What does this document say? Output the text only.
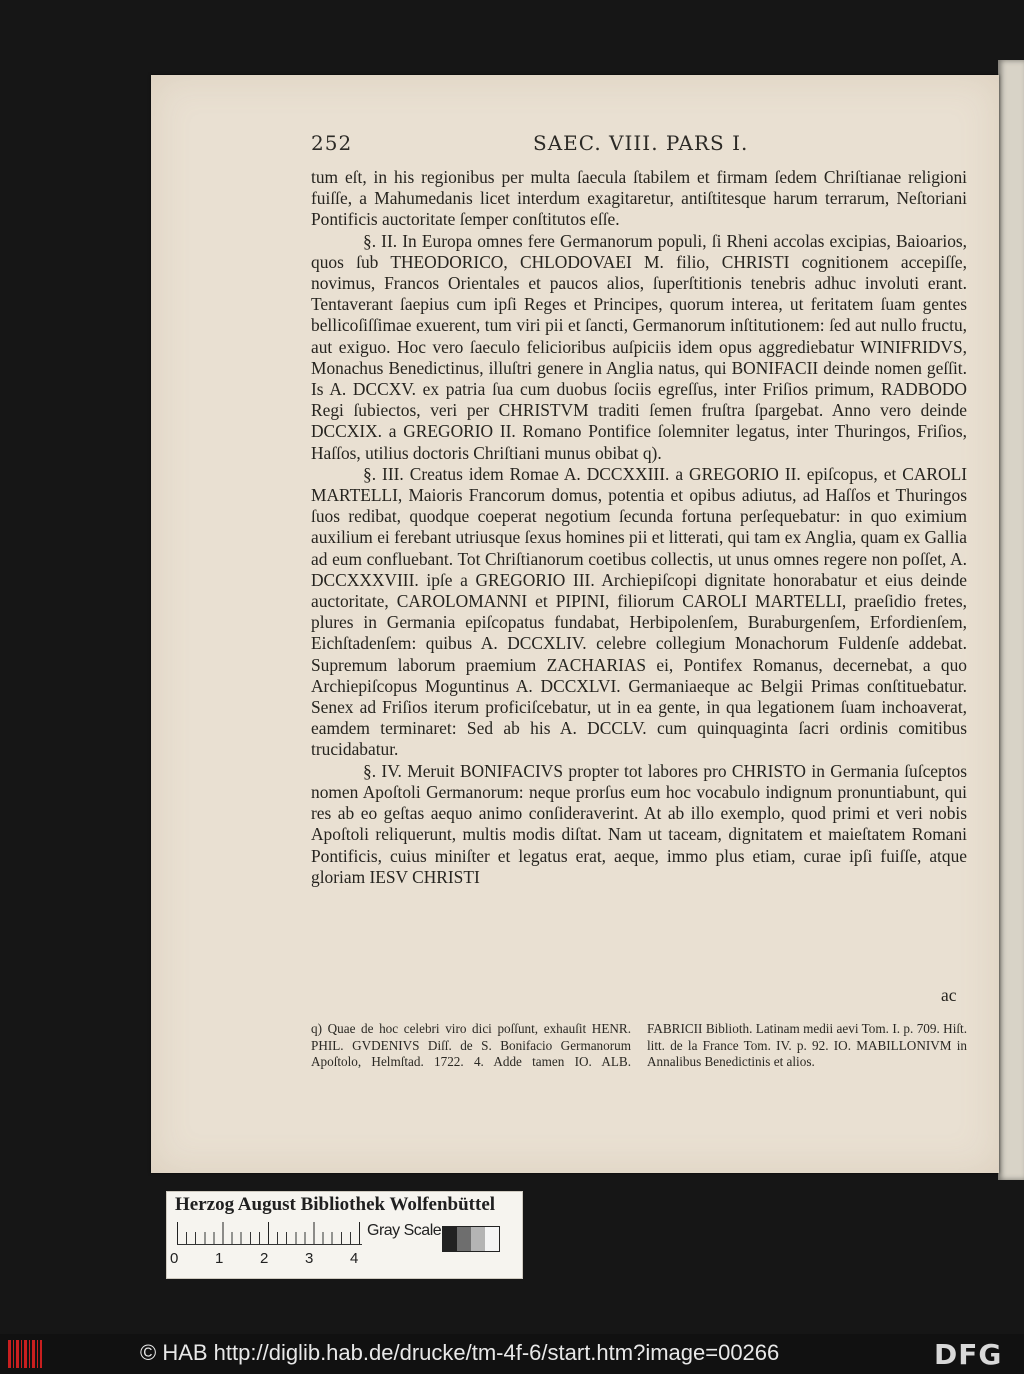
252	SAEC. VIII. PARS I.

tum eſt, in his regionibus per multa ſaecula ſtabilem et firmam ſedem Chriſtianae religioni fuiſſe, a Mahumedanis licet interdum exagitaretur, antiſtitesque harum terrarum, Neſtoriani Pontificis auctoritate ſemper conſtitutos eſſe.

§. II. In Europa omnes fere Germanorum populi, ſi Rheni accolas excipias, Baioarios, quos ſub THEODORICO, CHLODOVAEI M. filio, CHRISTI cognitionem accepiſſe, novimus, Francos Orientales et paucos alios, ſuperſtitionis tenebris adhuc involuti erant. Tentaverant ſaepius cum ipſi Reges et Principes, quorum interea, ut feritatem ſuam gentes bellicoſiſſimae exuerent, tum viri pii et ſancti, Germanorum inſtitutionem: ſed aut nullo fructu, aut exiguo. Hoc vero ſaeculo felicioribus auſpiciis idem opus aggrediebatur WINIFRIDVS, Monachus Benedictinus, illuſtri genere in Anglia natus, qui BONIFACII deinde nomen geſſit. Is A. DCCXV. ex patria ſua cum duobus ſociis egreſſus, inter Friſios primum, RADBODO Regi ſubiectos, veri per CHRISTVM traditi ſemen fruſtra ſpargebat. Anno vero deinde DCCXIX. a GREGORIO II. Romano Pontifice ſolemniter legatus, inter Thuringos, Friſios, Haſſos, utilius doctoris Chriſtiani munus obibat q).

§. III. Creatus idem Romae A. DCCXXIII. a GREGORIO II. epiſcopus, et CAROLI MARTELLI, Maioris Francorum domus, potentia et opibus adiutus, ad Haſſos et Thuringos ſuos redibat, quodque coeperat negotium ſecunda fortuna perſequebatur: in quo eximium auxilium ei ferebant utriusque ſexus homines pii et litterati, qui tam ex Anglia, quam ex Gallia ad eum confluebant. Tot Chriſtianorum coetibus collectis, ut unus omnes regere non poſſet, A. DCCXXXVIII. ipſe a GREGORIO III. Archiepiſcopi dignitate honorabatur et eius deinde auctoritate, CAROLOMANNI et PIPINI, filiorum CAROLI MARTELLI, praeſidio fretes, plures in Germania epiſcopatus fundabat, Herbipolenſem, Buraburgenſem, Erfordienſem, Eichſtadenſem: quibus A. DCCXLIV. celebre collegium Monachorum Fuldenſe addebat. Supremum laborum praemium ZACHARIAS ei, Pontifex Romanus, decernebat, a quo Archiepiſcopus Moguntinus A. DCCXLVI. Germaniaeque ac Belgii Primas conſtituebatur. Senex ad Friſios iterum proficiſcebatur, ut in ea gente, in qua legationem ſuam inchoaverat, eamdem terminaret: Sed ab his A. DCCLV. cum quinquaginta ſacri ordinis comitibus trucidabatur.

§. IV. Meruit BONIFACIVS propter tot labores pro CHRISTO in Germania ſuſceptos nomen Apoſtoli Germanorum: neque prorſus eum hoc vocabulo indignum pronuntiabunt, qui res ab eo geſtas aequo animo conſideraverint. At ab illo exemplo, quod primi et veri nobis Apoſtoli reliquerunt, multis modis diſtat. Nam ut taceam, dignitatem et maieſtatem Romani Pontificis, cuius miniſter et legatus erat, aeque, immo plus etiam, curae ipſi fuiſſe, atque gloriam IESV CHRISTI

ac
q) Quae de hoc celebri viro dici poſſunt, exhauſit HENR. PHIL. GVDENIVS Diſſ. de S. Bonifacio Germanorum Apoſtolo, Helmſtad. 1722. 4. Adde tamen IO. ALB. FABRICII Biblioth. Latinam medii aevi Tom. I. p. 709. Hiſt. litt. de la France Tom. IV. p. 92. IO. MABILLONIVM in Annalibus Benedictinis et alios.
Herzog August Bibliothek Wolfenbüttel
0 1 2 3 4
Gray Scale
© HAB http://diglib.hab.de/drucke/tm-4f-6/start.htm?image=00266	DFG
